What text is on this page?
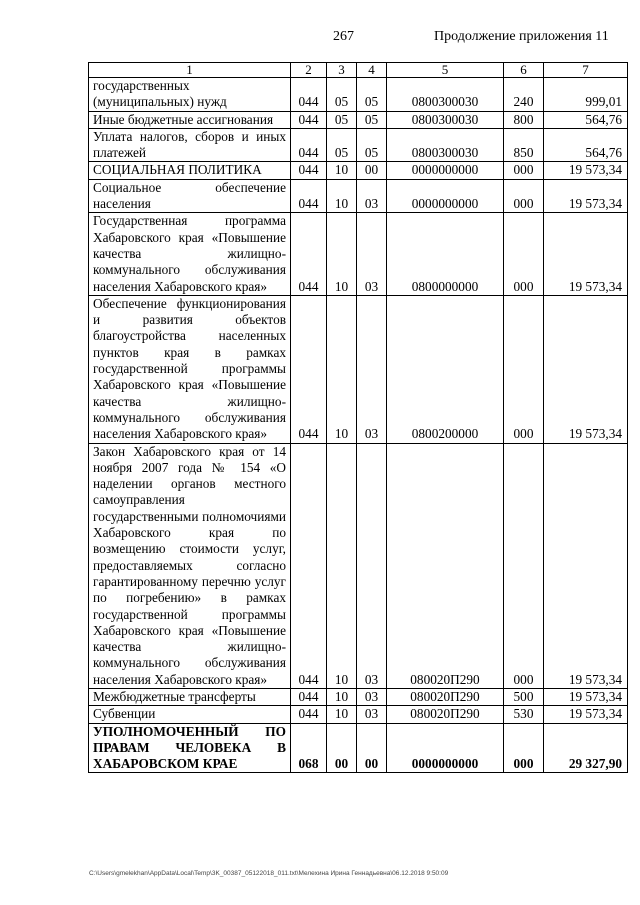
267	Продолжение приложения 11
1	2	3	4	5	6	7
государственных (муниципальных) нужд	044	05	05	0800300030	240	999,01
Иные бюджетные ассигнования	044	05	05	0800300030	800	564,76
Уплата налогов, сборов и иных платежей	044	05	05	0800300030	850	564,76
СОЦИАЛЬНАЯ ПОЛИТИКА	044	10	00	0000000000	000	19 573,34
Социальное обеспечение населения	044	10	03	0000000000	000	19 573,34
Государственная программа Хабаровского края «Повышение качества жилищно-коммунального обслуживания населения Хабаровского края»	044	10	03	0800000000	000	19 573,34
Обеспечение функционирования и развития объектов благоустройства населенных пунктов края в рамках государственной программы Хабаровского края «Повышение качества жилищно-коммунального обслуживания населения Хабаровского края»	044	10	03	0800200000	000	19 573,34
Закон Хабаровского края от 14 ноября 2007 года № 154 «О наделении органов местного самоуправления государственными полномочиями Хабаровского края по возмещению стоимости услуг, предоставляемых согласно гарантированному перечню услуг по погребению» в рамках государственной программы Хабаровского края «Повышение качества жилищно-коммунального обслуживания населения Хабаровского края»	044	10	03	080020П290	000	19 573,34
Межбюджетные трансферты	044	10	03	080020П290	500	19 573,34
Субвенции	044	10	03	080020П290	530	19 573,34
УПОЛНОМОЧЕННЫЙ ПО ПРАВАМ ЧЕЛОВЕКА В ХАБАРОВСКОМ КРАЕ	068	00	00	0000000000	000	29 327,90
C:\Users\gmelekhan\AppData\Local\Temp\3K_00387_05122018_011.txt\Мелехина Ирина Геннадьевна\06.12.2018 9:50:09
